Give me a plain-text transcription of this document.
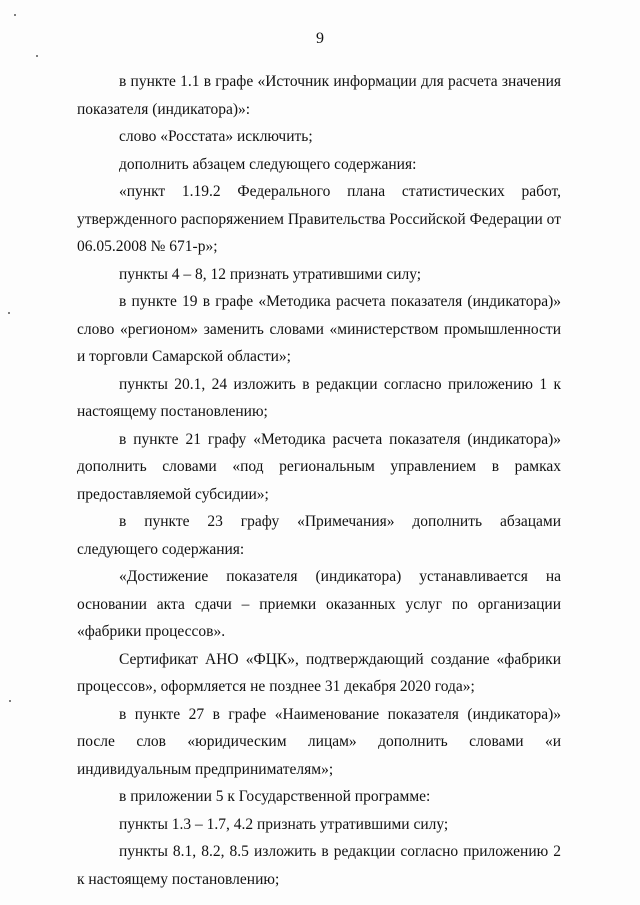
9

в пункте 1.1 в графе «Источник информации для расчета значения показателя (индикатора)»:

слово «Росстата» исключить;

дополнить абзацем следующего содержания:

«пункт 1.19.2 Федерального плана статистических работ, утвержденного распоряжением Правительства Российской Федерации от 06.05.2008 № 671-р»;

пункты 4 – 8, 12 признать утратившими силу;

в пункте 19 в графе «Методика расчета показателя (индикатора)» слово «регионом» заменить словами «министерством промышленности и торговли Самарской области»;

пункты 20.1, 24 изложить в редакции согласно приложению 1 к настоящему постановлению;

в пункте 21 графу «Методика расчета показателя (индикатора)» дополнить словами «под региональным управлением в рамках предоставляемой субсидии»;

в пункте 23 графу «Примечания» дополнить абзацами следующего содержания:

«Достижение показателя (индикатора) устанавливается на основании акта сдачи – приемки оказанных услуг по организации «фабрики процессов».

Сертификат АНО «ФЦК», подтверждающий создание «фабрики процессов», оформляется не позднее 31 декабря 2020 года»;

в пункте 27 в графе «Наименование показателя (индикатора)» после слов «юридическим лицам» дополнить словами «и индивидуальным предпринимателям»;

в приложении 5 к Государственной программе:

пункты 1.3 – 1.7, 4.2 признать утратившими силу;

пункты 8.1, 8.2, 8.5 изложить в редакции согласно приложению 2 к настоящему постановлению;
